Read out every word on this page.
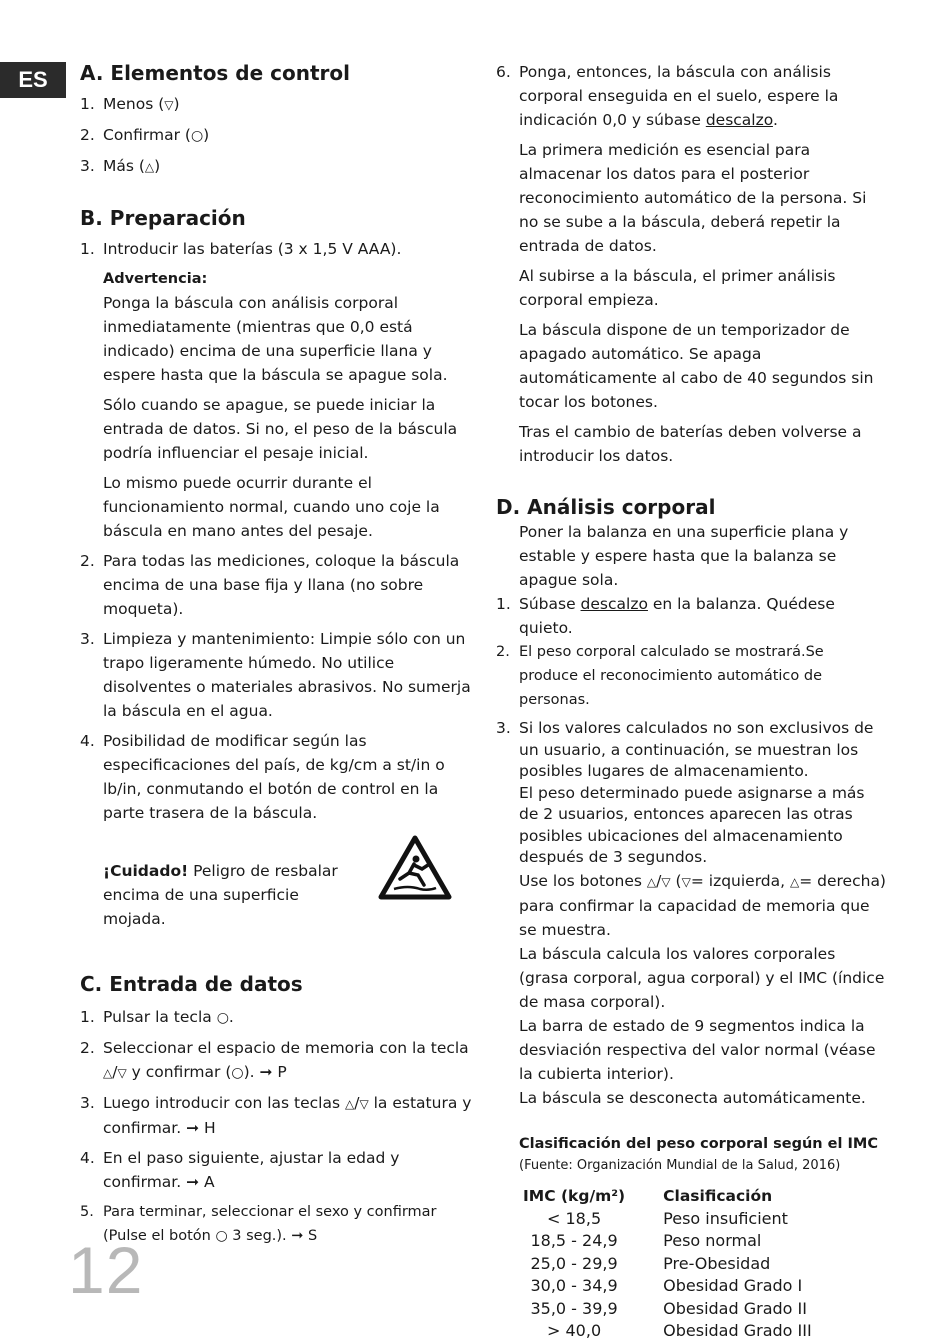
ES	A. Elementos de control

1. Menos (▽)

2. Confirmar (○)

3. Más (△)

B. Preparación

1. Introducir las baterías (3 x 1,5 V AAA).

Advertencia:

Ponga la báscula con análisis corporal inmediatamente (mientras que 0,0 está indicado) encima de una superficie llana y espere hasta que la báscula se apague sola.

Sólo cuando se apague, se puede iniciar la entrada de datos. Si no, el peso de la báscula podría influenciar el pesaje inicial.

Lo mismo puede ocurrir durante el funcionamiento normal, cuando uno coje la báscula en mano antes del pesaje.

2. Para todas las mediciones, coloque la báscula encima de una base fija y llana (no sobre moqueta).

3. Limpieza y mantenimiento: Limpie sólo con un trapo ligeramente húmedo. No utilice disolventes o materiales abrasivos. No sumerja la báscula en el agua.

4. Posibilidad de modificar según las especificaciones del país, de kg/cm a st/in o lb/in, conmutando el botón de control en la parte trasera de la báscula.

¡Cuidado! Peligro de resbalar encima de una superficie mojada.

C. Entrada de datos

1. Pulsar la tecla ○.

2. Seleccionar el espacio de memoria con la tecla △/▽ y confirmar (○). ➞ P

3. Luego introducir con las teclas △/▽ la estatura y confirmar. ➞ H

4. En el paso siguiente, ajustar la edad y confirmar. ➞ A

5. Para terminar, seleccionar el sexo y confirmar (Pulse el botón ○ 3 seg.). ➞ S

6. Ponga, entonces, la báscula con análisis corporal enseguida en el suelo, espere la indicación 0,0 y súbase descalzo.

La primera medición es esencial para almacenar los datos para el posterior reconocimiento automático de la persona. Si no se sube a la báscula, deberá repetir la entrada de datos.

Al subirse a la báscula, el primer análisis corporal empieza.

La báscula dispone de un temporizador de apagado automático. Se apaga automáticamente al cabo de 40 segundos sin tocar los botones.

Tras el cambio de baterías deben volverse a introducir los datos.

D. Análisis corporal

Poner la balanza en una superficie plana y estable y espere hasta que la balanza se apague sola.

1. Súbase descalzo en la balanza. Quédese quieto.

2. El peso corporal calculado se mostrará.Se produce el reconocimiento automático de personas.

3. Si los valores calculados no son exclusivos de un usuario, a continuación, se muestran los posibles lugares de almacenamiento.

El peso determinado puede asignarse a más de 2 usuarios, entonces aparecen las otras posibles ubicaciones del almacenamiento después de 3 segundos.

Use los botones △/▽ (▽= izquierda, △= derecha) para confirmar la capacidad de memoria que se muestra.

La báscula calcula los valores corporales (grasa corporal, agua corporal) y el IMC (índice de masa corporal).

La barra de estado de 9 segmentos indica la desviación respectiva del valor normal (véase la cubierta interior).

La báscula se desconecta automáticamente.

Clasificación del peso corporal según el IMC

(Fuente: Organización Mundial de la Salud, 2016)

IMC (kg/m²)	Clasificación
< 18,5	Peso insuficient
18,5 - 24,9	Peso normal
25,0 - 29,9	Pre-Obesidad
30,0 - 34,9	Obesidad Grado I
35,0 - 39,9	Obesidad Grado II
> 40,0	Obesidad Grado III
12
